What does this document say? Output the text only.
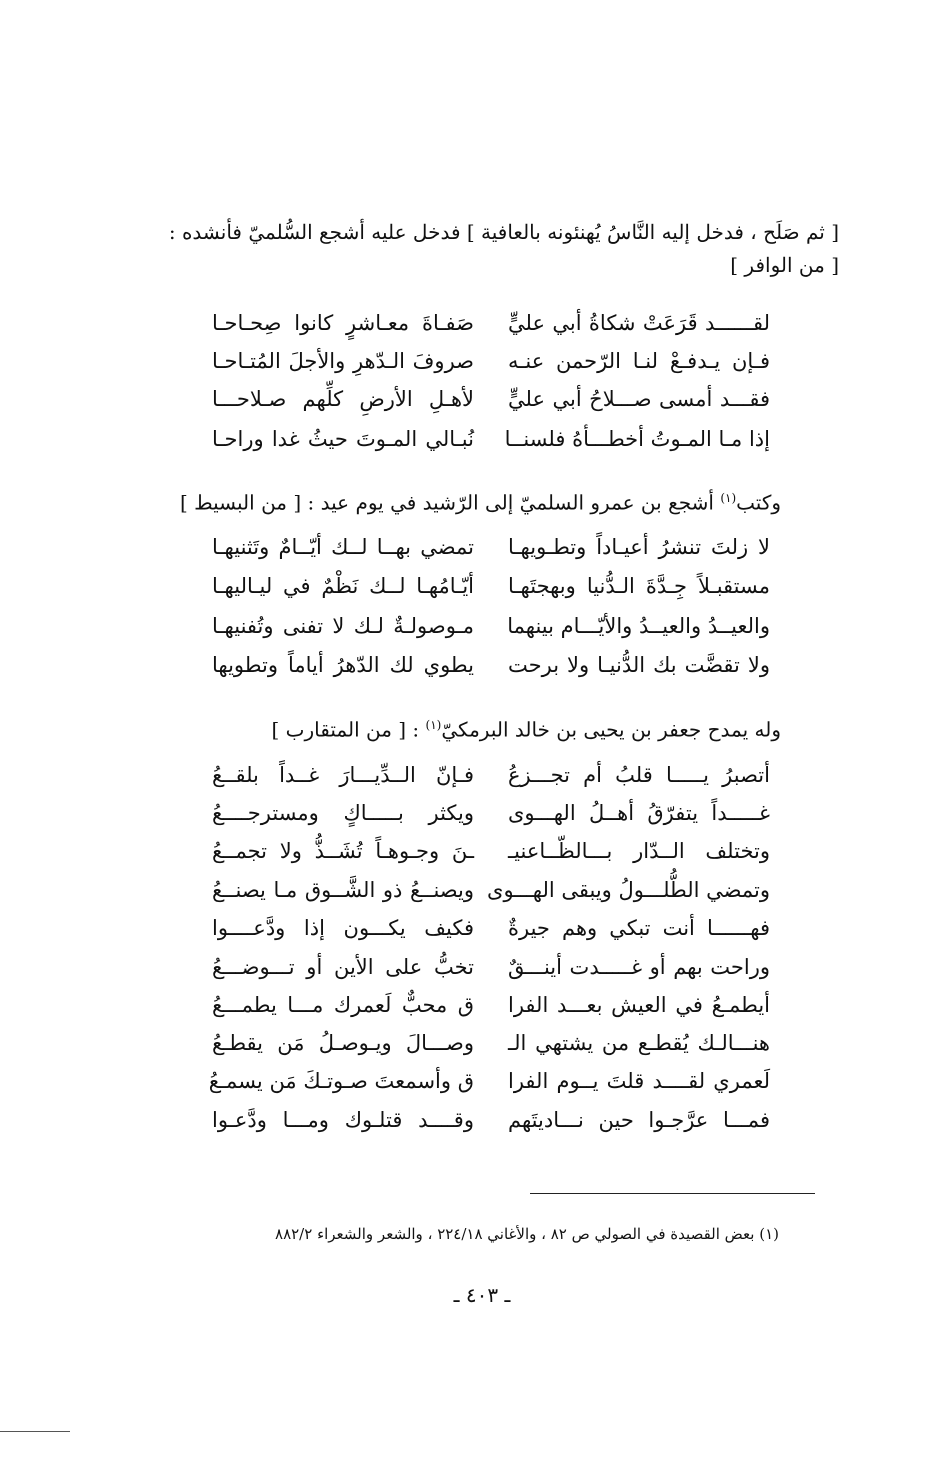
[ ثم صَلَح ، فدخل إليه النَّاسُ يُهنئونه بالعافية ] فدخل عليه أشجع السُّلميّ فأنشده :
[ من الوافر ]
لقــــــد قَرَعَتْ شكاةُ أبي عليٍّ
صَفـاةَ معـاشرٍ كانوا صِحـاحـا
فـإن يـدفـعْ لنـا الرّحمن عنـه
صروفَ الـدّهرِ والأجلَ المُتـاحـا
فقـــد أمسى صـــلاحُ أبي عليٍّ
لأهـلِ الأرضِ كلِّهم صـلاحـــا
إذا مـا المـوتُ أخطـــأهُ فلسنــا
نُبـالي المـوتَ حيثُ غدا وراحـا
وكتب$^{(١)}$ أشجع بن عمرو السلميّ إلى الرّشيد في يوم عيد : [ من البسيط ]
لا زلتَ تنشرُ أعيـاداً وتطـويهـا
تمضي بهــا لــك أيّــامٌ وتَثنيهـا
مستقبـلاً جِـدَّةَ الـدُّنيا وبهجتَهـا
أيّـامُهـا لــك نَظْمٌ في ليـاليهـا
والعيــدُ والعيــدُ والأيّـــام بينهما
مـوصولـةٌ لـك لا تفنى وتُفنيهـا
ولا تقضَّت بك الدُّنيـا ولا برحت
يطوي لك الدّهرُ أياماً وتطويها
وله يمدح جعفر بن يحيى بن خالد البرمكيّ$^{(١)}$ : [ من المتقارب ]
أتصبرُ يـــــا قلبُ أم تجـــزعُ
فـإنّ الــدِّيـــارَ غــداً بلقــعُ
غـــــداً يتفرّقُ أهــلُ الهـــوى
ويكثر بـــــاكٍ ومسترجــــعُ
وتختلف الــدّار بـــالظّــاعنيـ
ـنَ وجـوهـاً تُشَــذُّ ولا تجمــعُ
وتمضي الطُّلـــولُ ويبقى الهـــوى
ويصنــعُ ذو الشَّــوق مـا يصنــعُ
فهــــــا أنت تبكي وهم جيرةٌ
فكيف يكـــون إذا ودَّعــــوا
وراحت بهم أو غـــــدت أينـــقٌ
تخبُّ على الأين أو تـــوضـــعُ
أيطمـعُ في العيش بعـــد الفرا
ق محبٌّ لَعمرك مـــا يطمـــعُ
هنـــالـك يُقطـع من يشتهي الـ
وصـــالَ ويـوصـلُ مَن يقطـعُ
لَعمري لقــــد قلتَ يــوم الفرا
ق وأسمعتَ صـوتـكَ مَن يسمـعُ
فمـــا عرَّجـوا حين نـــاديتَهم
وقــــد قتلـوك ومـــا ودَّعـوا
(١) بعض القصيدة في الصولي ص ٨٢ ، والأغاني ٢٢٤/١٨ ، والشعر والشعراء ٨٨٢/٢
ـ ٤٠٣ ـ
